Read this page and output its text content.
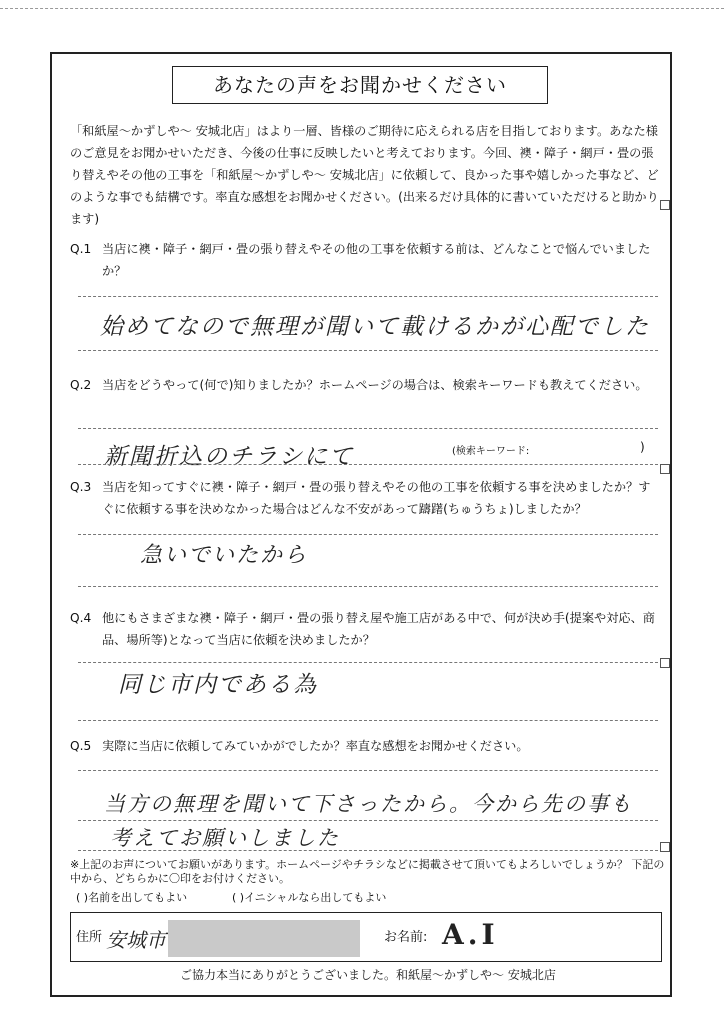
あなたの声をお聞かせください

「和紙屋～かずしや～ 安城北店」はより一層、皆様のご期待に応えられる店を目指しております。あなた様のご意見をお聞かせいただき、今後の仕事に反映したいと考えております。今回、襖・障子・網戸・畳の張り替えやその他の工事を「和紙屋～かずしや～ 安城北店」に依頼して、良かった事や嬉しかった事など、どのような事でも結構です。率直な感想をお聞かせください。(出来るだけ具体的に書いていただけると助かります)

Q.1 当店に襖・障子・網戸・畳の張り替えやその他の工事を依頼する前は、どんなことで悩んでいましたか？
始めてなので無理が聞いて載けるかが心配でした
Q.2 当店をどうやって(何で)知りましたか？ホームページの場合は、検索キーワードも教えてください。
新聞折込のチラシにて	(検索キーワード:	)
Q.3 当店を知ってすぐに襖・障子・網戸・畳の張り替えやその他の工事を依頼する事を決めましたか？すぐに依頼する事を決めなかった場合はどんな不安があって躊躇(ちゅうちょ)しましたか？
急いでいたから
Q.4 他にもさまざまな襖・障子・網戸・畳の張り替え屋や施工店がある中で、何が決め手(提案や対応、商品、場所等)となって当店に依頼を決めましたか？
同じ市内である為
Q.5 実際に当店に依頼してみていかがでしたか？率直な感想をお聞かせください。
当方の無理を聞いて下さったから。今から先の事も
考えてお願いしました
※上記のお声についてお願いがあります。ホームページやチラシなどに掲載させて頂いてもよろしいでしょうか？ 下記の中から、どちらかに〇印をお付けください。
( )名前を出してもよい	( )イニシャルなら出してもよい
住所 安城市	お名前: A.I
ご協力本当にありがとうございました。和紙屋～かずしや～ 安城北店
